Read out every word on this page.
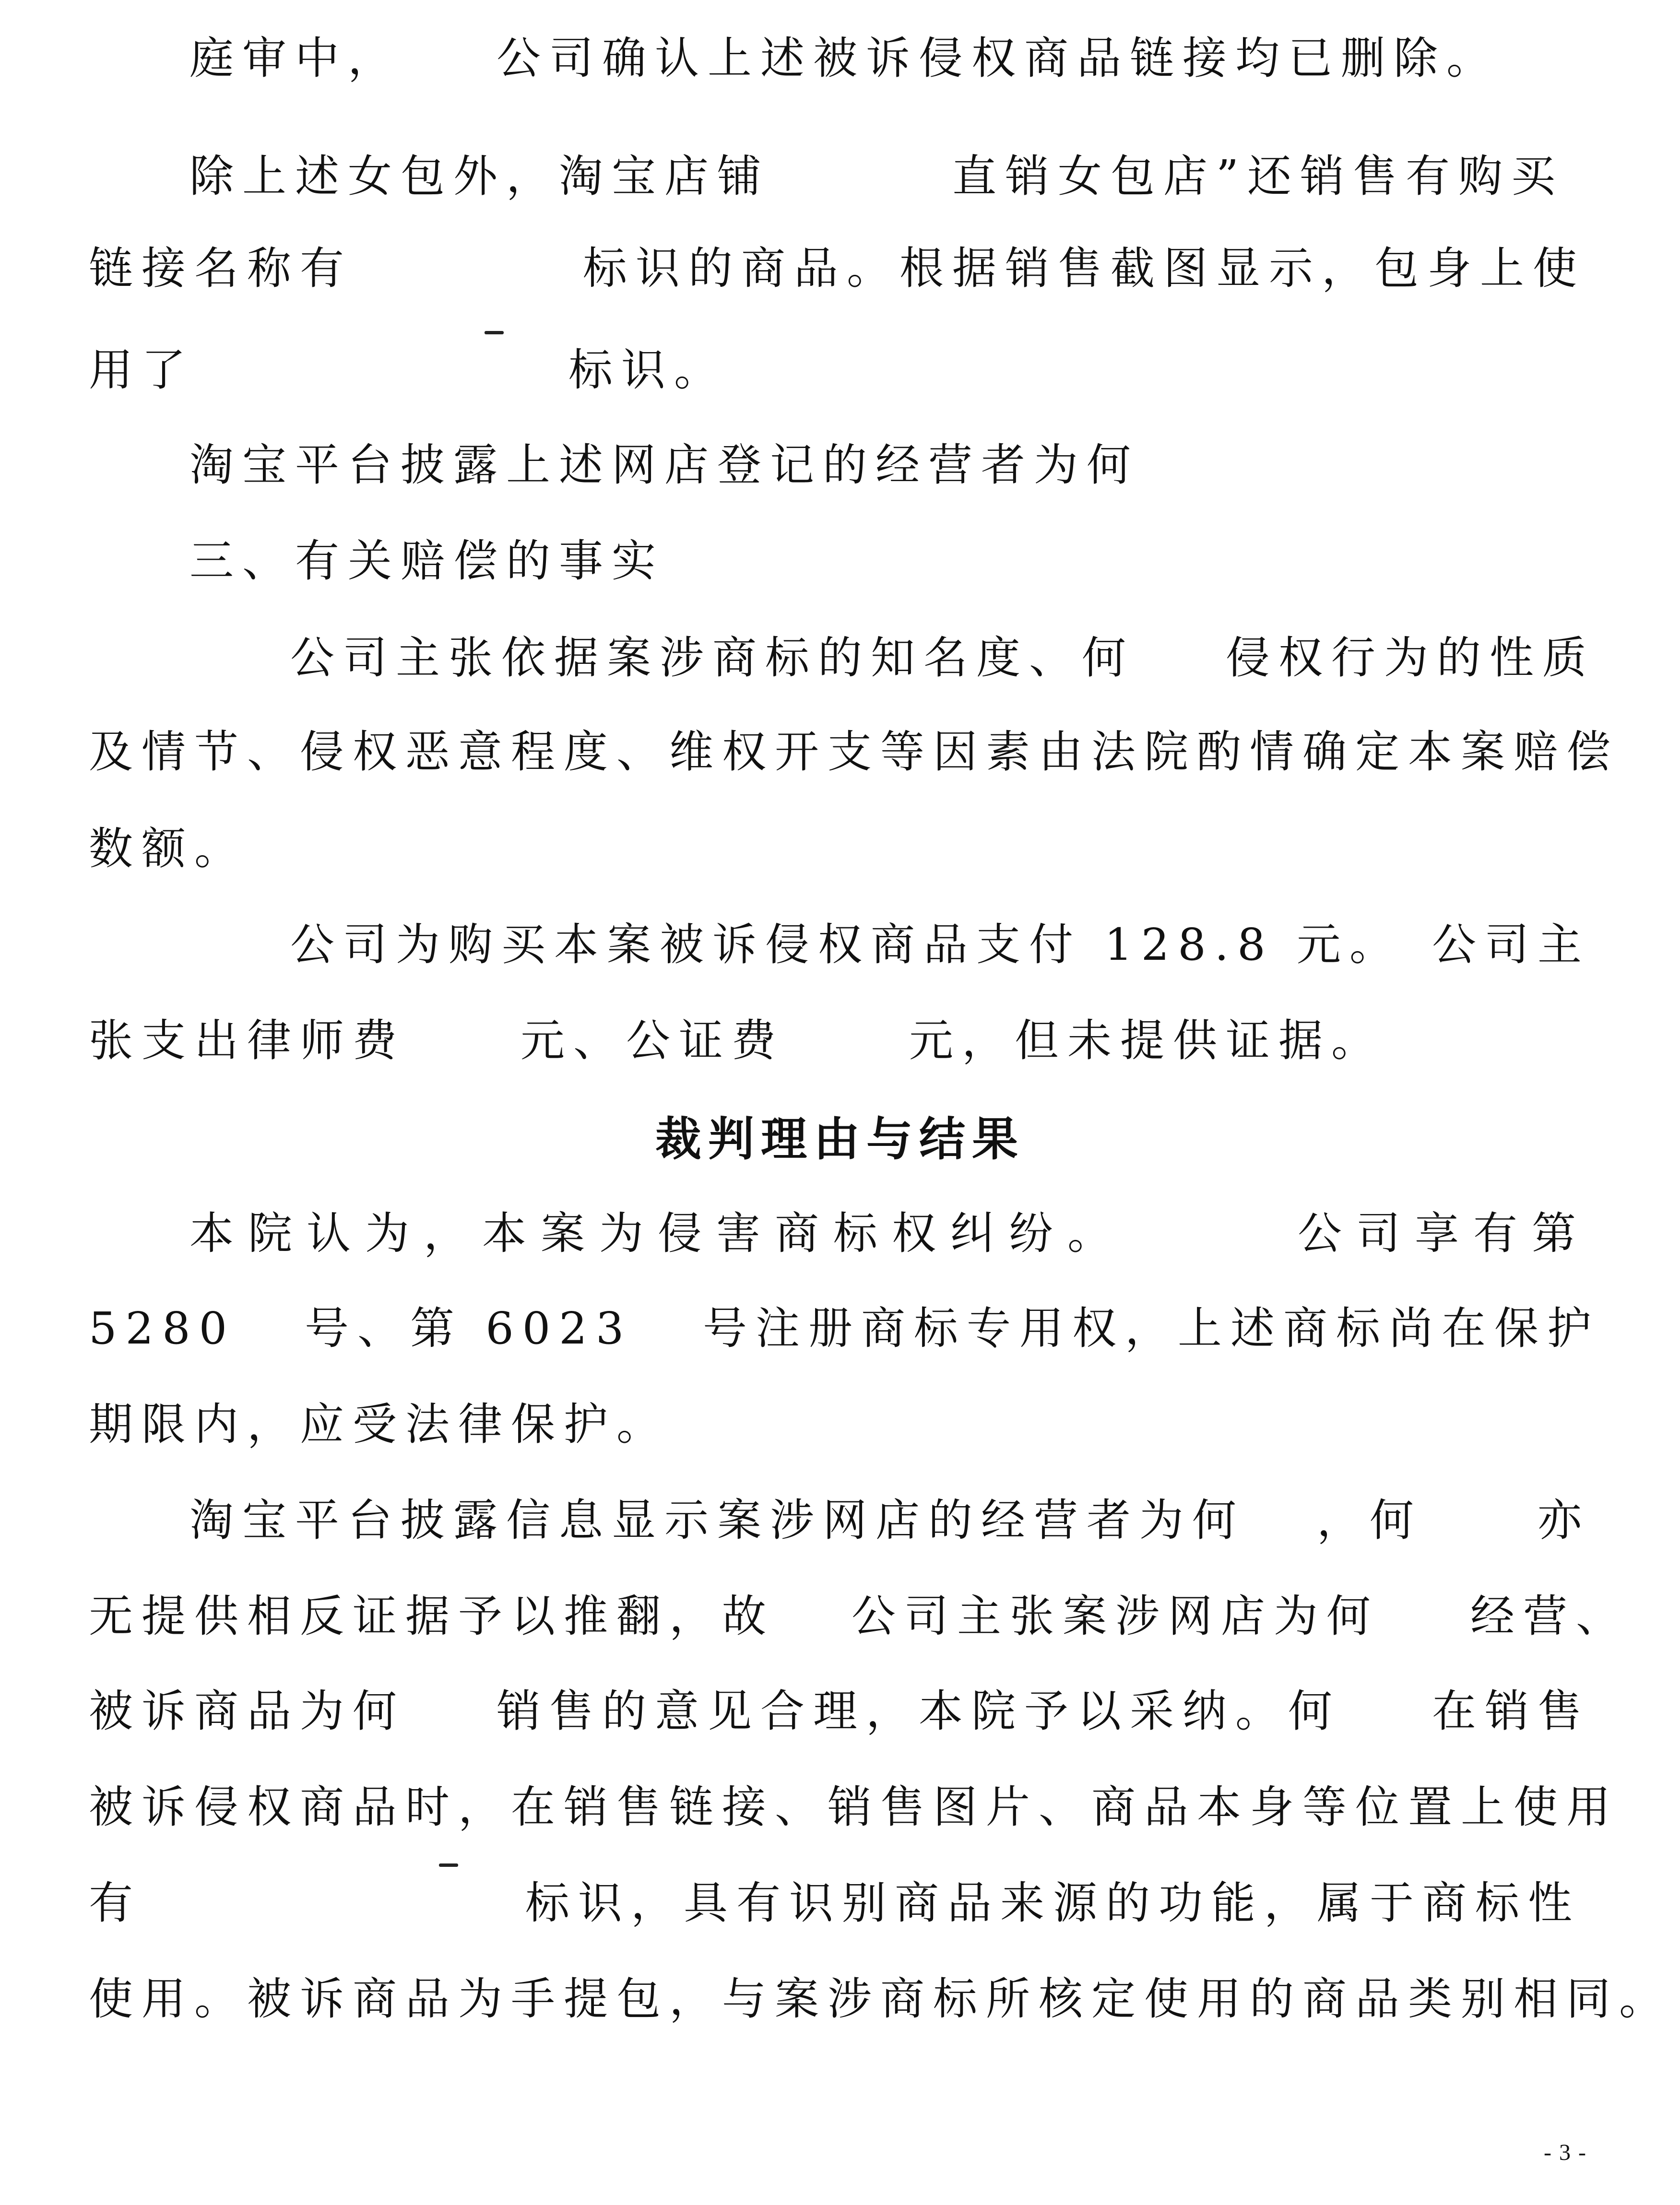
庭审中， 公司确认上述被诉侵权商品链接均已删除。
除上述女包外，淘宝店铺	直销女包店”还销售有购买
链接名称有	标识的商品。根据销售截图显示，包身上使
用了	标识。
淘宝平台披露上述网店登记的经营者为何
三、有关赔偿的事实
公司主张依据案涉商标的知名度、何 侵权行为的性质
及情节、侵权恶意程度、维权开支等因素由法院酌情确定本案赔偿
数额。
公司为购买本案被诉侵权商品支付 128.8 元。 公司主
张支出律师费	元、公证费	元，但未提供证据。
裁判理由与结果
本院认为，本案为侵害商标权纠纷。	公司享有第
5280 号、第 6023 号注册商标专用权，上述商标尚在保护
期限内，应受法律保护。
淘宝平台披露信息显示案涉网店的经营者为何 ，何	亦
无提供相反证据予以推翻，故 公司主张案涉网店为何 经营、
被诉商品为何 销售的意见合理，本院予以采纳。何 在销售
被诉侵权商品时，在销售链接、销售图片、商品本身等位置上使用
有	标识，具有识别商品来源的功能，属于商标性
使用。被诉商品为手提包，与案涉商标所核定使用的商品类别相同。
- 3 -
